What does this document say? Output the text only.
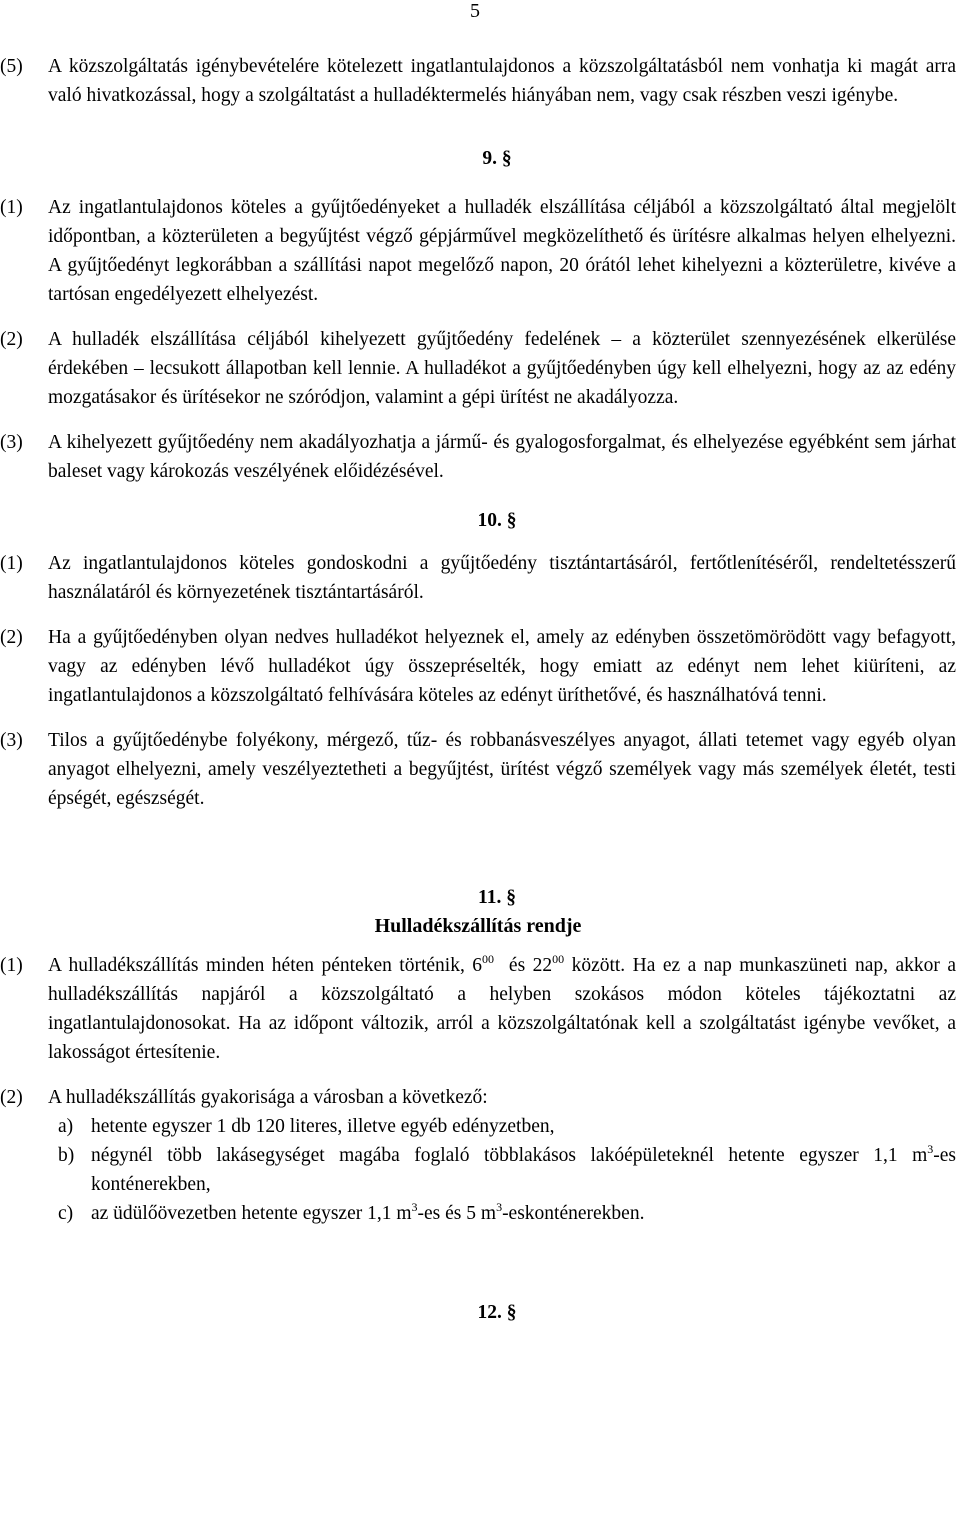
5
(5)	A közszolgáltatás igénybevételére kötelezett ingatlantulajdonos a közszolgáltatásból nem vonhatja ki magát arra való hivatkozással, hogy a szolgáltatást a hulladéktermelés hiányában nem, vagy csak részben veszi igénybe.
9. §
(1)	Az ingatlantulajdonos köteles a gyűjtőedényeket a hulladék elszállítása céljából a közszolgáltató által megjelölt időpontban, a közterületen a begyűjtést végző gépjárművel megközelíthető és ürítésre alkalmas helyen elhelyezni. A gyűjtőedényt legkorábban a szállítási napot megelőző napon, 20 órától lehet kihelyezni a közterületre, kivéve a tartósan engedélyezett elhelyezést.
(2)	A hulladék elszállítása céljából kihelyezett gyűjtőedény fedelének – a közterület szennyezésének elkerülése érdekében – lecsukott állapotban kell lennie. A hulladékot a gyűjtőedényben úgy kell elhelyezni, hogy az az edény mozgatásakor és ürítésekor ne szóródjon, valamint a gépi ürítést ne akadályozza.
(3)	A kihelyezett gyűjtőedény nem akadályozhatja a jármű- és gyalogosforgalmat, és elhelyezése egyébként sem járhat baleset vagy károkozás veszélyének előidézésével.
10. §
(1)	Az ingatlantulajdonos köteles gondoskodni a gyűjtőedény tisztántartásáról, fertőtlenítéséről, rendeltetésszerű használatáról és környezetének tisztántartásáról.
(2)	Ha a gyűjtőedényben olyan nedves hulladékot helyeznek el, amely az edényben összetömörödött vagy befagyott, vagy az edényben lévő hulladékot úgy összepréselték, hogy emiatt az edényt nem lehet kiüríteni, az ingatlantulajdonos a közszolgáltató felhívására köteles az edényt üríthetővé, és használhatóvá tenni.
(3)	Tilos a gyűjtőedénybe folyékony, mérgező, tűz- és robbanásveszélyes anyagot, állati tetemet vagy egyéb olyan anyagot elhelyezni, amely veszélyeztetheti a begyűjtést, ürítést végző személyek vagy más személyek életét, testi épségét, egészségét.
11. §
Hulladékszállítás rendje
(1)	A hulladékszállítás minden héten pénteken történik, $6^{00}$  és $22^{00}$ között. Ha ez a nap munkaszüneti nap, akkor a hulladékszállítás napjáról a közszolgáltató a helyben szokásos módon köteles tájékoztatni az ingatlantulajdonosokat. Ha az időpont változik, arról a közszolgáltatónak kell a szolgáltatást igénybe vevőket, a lakosságot értesítenie.
(2)	A hulladékszállítás gyakorisága a városban a következő:
a) hetente egyszer 1 db 120 literes, illetve egyéb edényzetben,
b) négynél több lakásegységet magába foglaló többlakásos lakóépületeknél hetente egyszer 1,1 $m^3-es$ konténerekben,
c) az üdülőövezetben hetente egyszer 1,1 $m^3-es$ és 5 $m^3$-eskonténerekben.
12. §
